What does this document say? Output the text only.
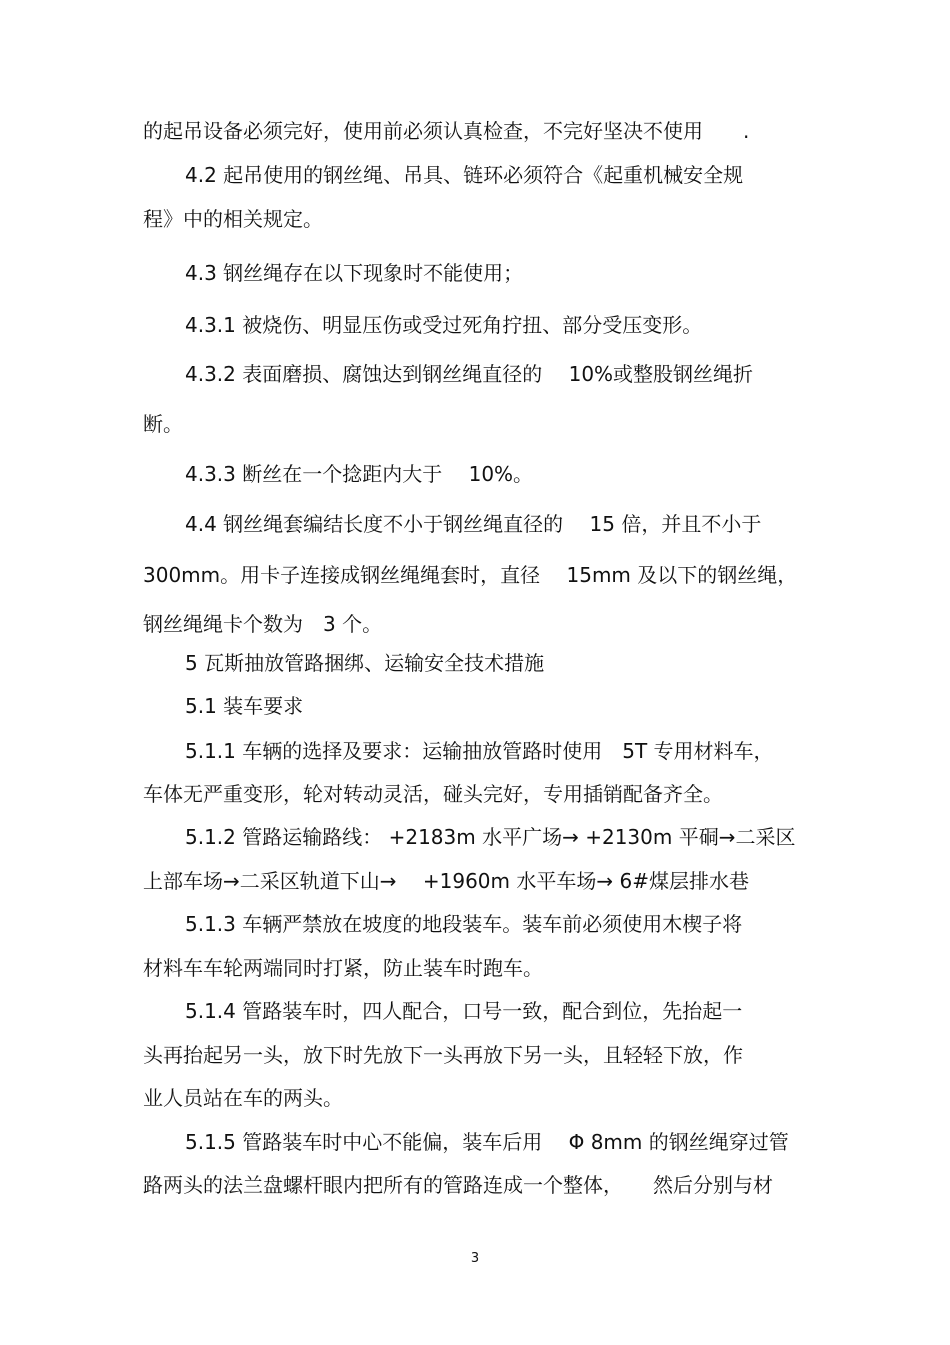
的起吊设备必须完好，使用前必须认真检查，不完好坚决不使用　　.
4.2 起吊使用的钢丝绳、吊具、链环必须符合《起重机械安全规
程》中的相关规定。
4.3 钢丝绳存在以下现象时不能使用；
4.3.1 被烧伤、明显压伤或受过死角拧扭、部分受压变形。
4.3.2 表面磨损、腐蚀达到钢丝绳直径的　 10%或整股钢丝绳折
断。
4.3.3 断丝在一个捻距内大于　 10%。
4.4 钢丝绳套编结长度不小于钢丝绳直径的　 15 倍，并且不小于
300mm。用卡子连接成钢丝绳绳套时，直径　 15mm 及以下的钢丝绳，
钢丝绳绳卡个数为　3 个。
5 瓦斯抽放管路捆绑、运输安全技术措施
5.1 装车要求
5.1.1 车辆的选择及要求：运输抽放管路时使用　5T 专用材料车，
车体无严重变形，轮对转动灵活，碰头完好，专用插销配备齐全。
5.1.2 管路运输路线： +2183m 水平广场→ +2130m 平硐→二采区
上部车场→二采区轨道下山→　 +1960m 水平车场→ 6#煤层排水巷
5.1.3 车辆严禁放在坡度的地段装车。装车前必须使用木楔子将
材料车车轮两端同时打紧，防止装车时跑车。
5.1.4 管路装车时，四人配合，口号一致，配合到位，先抬起一
头再抬起另一头，放下时先放下一头再放下另一头，且轻轻下放，作
业人员站在车的两头。
5.1.5 管路装车时中心不能偏，装车后用　 Φ 8mm 的钢丝绳穿过管
路两头的法兰盘螺杆眼内把所有的管路连成一个整体，　　然后分别与材
3
